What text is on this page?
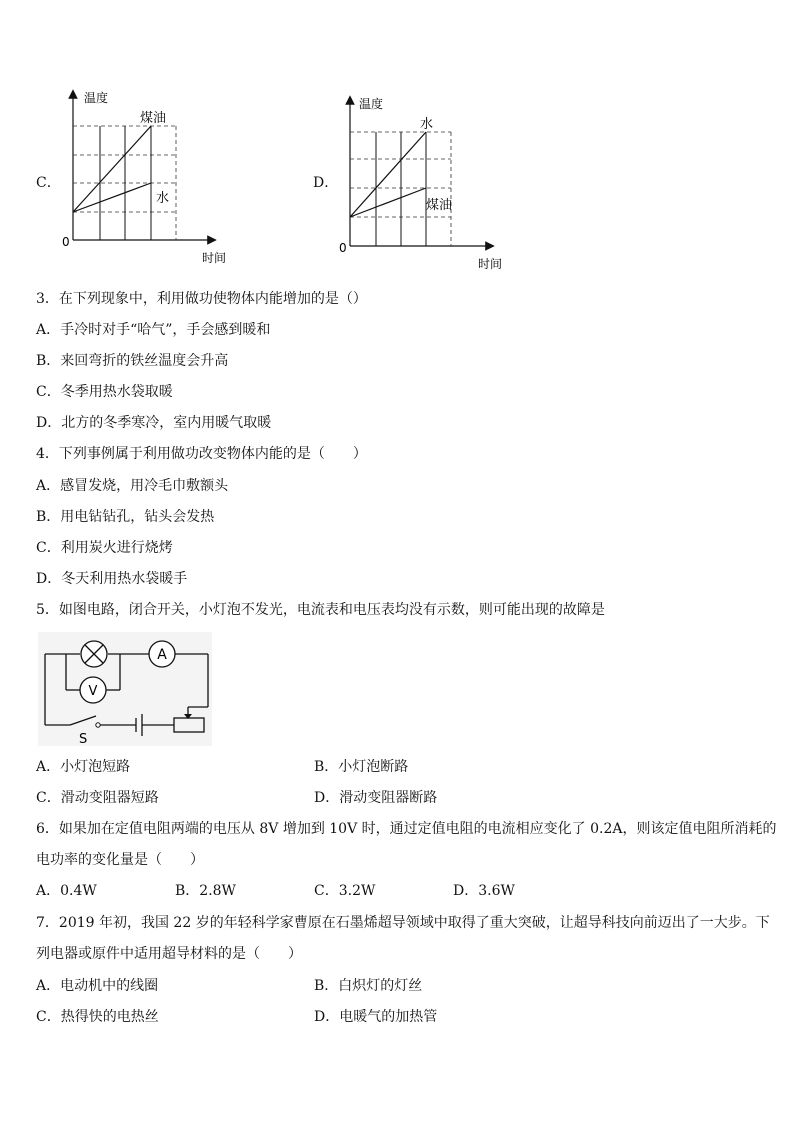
C．
温度
煤油
水
0
时间
D．
温度
水
煤油
0
时间
3．在下列现象中，利用做功使物体内能增加的是（）
A．手冷时对手“哈气”，手会感到暖和
B．来回弯折的铁丝温度会升高
C．冬季用热水袋取暖
D．北方的冬季寒冷，室内用暖气取暖
4．下列事例属于利用做功改变物体内能的是（　　）
A．感冒发烧，用冷毛巾敷额头
B．用电钻钻孔，钻头会发热
C．利用炭火进行烧烤
D．冬天利用热水袋暖手
5．如图电路，闭合开关，小灯泡不发光，电流表和电压表均没有示数，则可能出现的故障是
A
V
S
A．小灯泡短路	B．小灯泡断路
C．滑动变阻器短路	D．滑动变阻器断路
6．如果加在定值电阻两端的电压从 8V 增加到 10V 时，通过定值电阻的电流相应变化了 0.2A，则该定值电阻所消耗的
电功率的变化量是（　　）
A．0.4W	B．2.8W	C．3.2W	D．3.6W
7．2019 年初，我国 22 岁的年轻科学家曹原在石墨烯超导领域中取得了重大突破，让超导科技向前迈出了一大步。下
列电器或原件中适用超导材料的是（　　）
A．电动机中的线圈	B．白炽灯的灯丝
C．热得快的电热丝	D．电暖气的加热管
